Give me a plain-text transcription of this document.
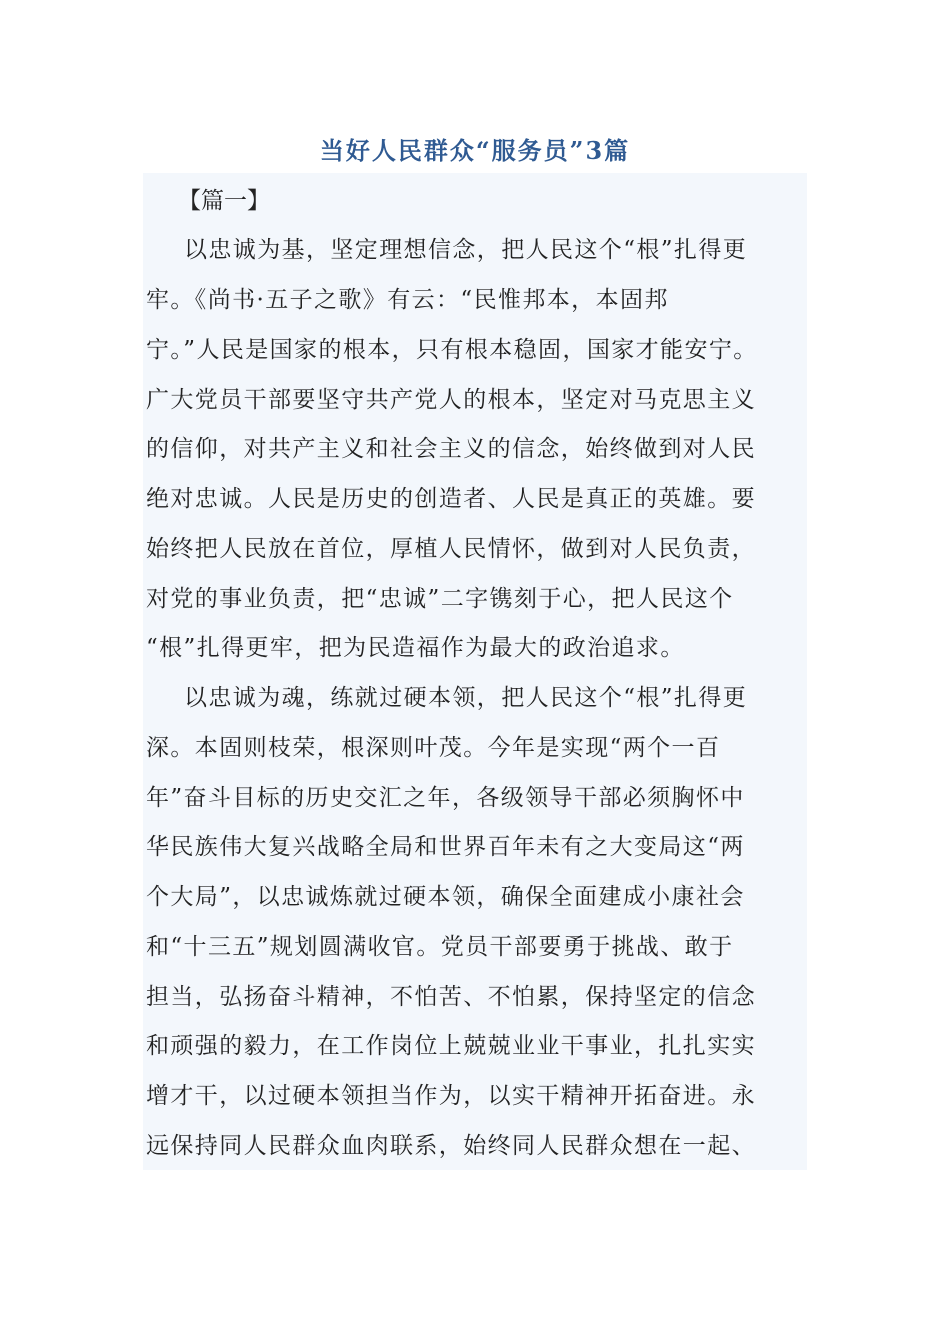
当好人民群众“服务员”3篇
【篇一】
以忠诚为基，坚定理想信念，把人民这个“根”扎得更
牢。《尚书·五子之歌》有云：“民惟邦本，本固邦
宁。”人民是国家的根本，只有根本稳固，国家才能安宁。
广大党员干部要坚守共产党人的根本，坚定对马克思主义
的信仰，对共产主义和社会主义的信念，始终做到对人民
绝对忠诚。人民是历史的创造者、人民是真正的英雄。要
始终把人民放在首位，厚植人民情怀，做到对人民负责，
对党的事业负责，把“忠诚”二字镌刻于心，把人民这个
“根”扎得更牢，把为民造福作为最大的政治追求。
以忠诚为魂，练就过硬本领，把人民这个“根”扎得更
深。本固则枝荣，根深则叶茂。今年是实现“两个一百
年”奋斗目标的历史交汇之年，各级领导干部必须胸怀中
华民族伟大复兴战略全局和世界百年未有之大变局这“两
个大局”，以忠诚炼就过硬本领，确保全面建成小康社会
和“十三五”规划圆满收官。党员干部要勇于挑战、敢于
担当，弘扬奋斗精神，不怕苦、不怕累，保持坚定的信念
和顽强的毅力，在工作岗位上兢兢业业干事业，扎扎实实
增才干，以过硬本领担当作为，以实干精神开拓奋进。永
远保持同人民群众血肉联系，始终同人民群众想在一起、
